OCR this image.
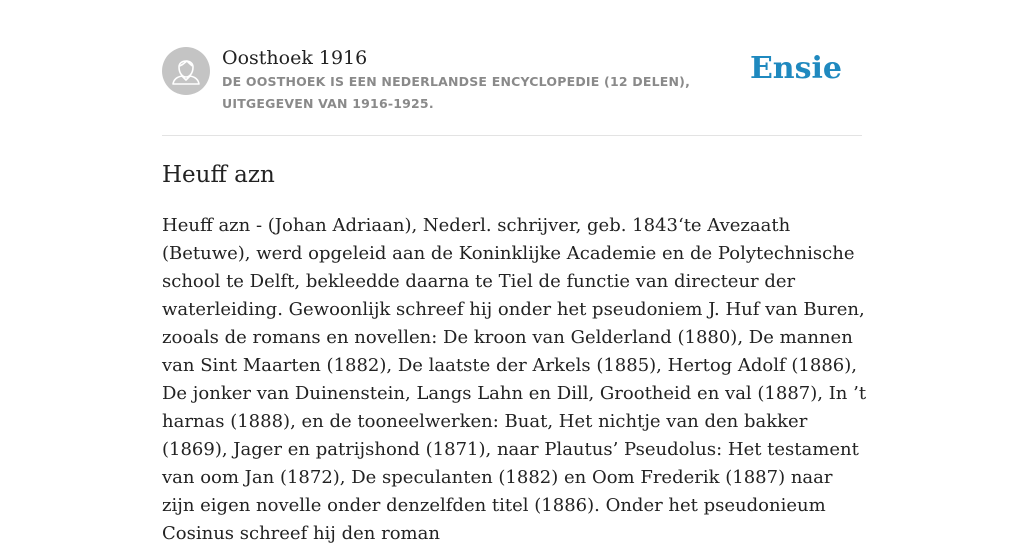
Oosthoek 1916
DE OOSTHOEK IS EEN NEDERLANDSE ENCYCLOPEDIE (12 DELEN), UITGEGEVEN VAN 1916-1925.
Ensie
Heuff azn

Heuff azn - (Johan Adriaan), Nederl. schrijver, geb. 1843‘te Avezaath (Betuwe), werd opgeleid aan de Koninklijke Academie en de Polytechnische school te Delft, bekleedde daarna te Tiel de functie van directeur der waterleiding. Gewoonlijk schreef hij onder het pseudoniem J. Huf van Buren, zooals de romans en novellen: De kroon van Gelderland (1880), De mannen van Sint Maarten (1882), De laatste der Arkels (1885), Hertog Adolf (1886), De jonker van Duinenstein, Langs Lahn en Dill, Grootheid en val (1887), In ’t harnas (1888), en de tooneelwerken: Buat, Het nichtje van den bakker (1869), Jager en patrijshond (1871), naar Plautus’ Pseudolus: Het testament van oom Jan (1872), De speculanten (1882) en Oom Frederik (1887) naar zijn eigen novelle onder denzelfden titel (1886). Onder het pseudonieum Cosinus schreef hij den roman
